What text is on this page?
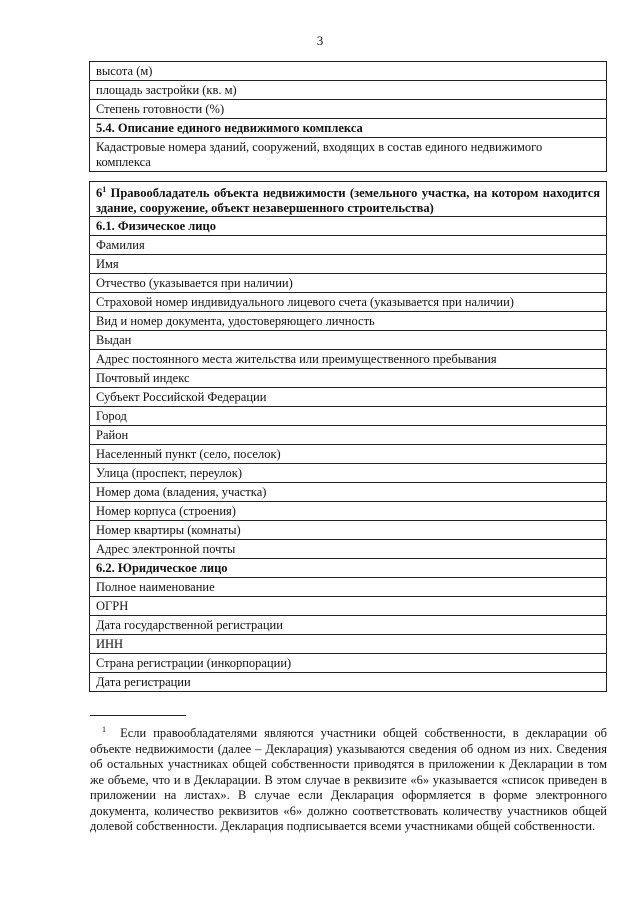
3
высота (м)
площадь застройки (кв. м)
Степень готовности (%)
5.4. Описание единого недвижимого комплекса
Кадастровые номера зданий, сооружений, входящих в состав единого недвижимого комплекса
6$^1$ Правообладатель объекта недвижимости (земельного участка, на котором находится здание, сооружение, объект незавершенного строительства)
6.1. Физическое лицо
Фамилия
Имя
Отчество (указывается при наличии)
Страховой номер индивидуального лицевого счета (указывается при наличии)
Вид и номер документа, удостоверяющего личность
Выдан
Адрес постоянного места жительства или преимущественного пребывания
Почтовый индекс
Субъект Российской Федерации
Город
Район
Населенный пункт (село, поселок)
Улица (проспект, переулок)
Номер дома (владения, участка)
Номер корпуса (строения)
Номер квартиры (комнаты)
Адрес электронной почты
6.2. Юридическое лицо
Полное наименование
ОГРН
Дата государственной регистрации
ИНН
Страна регистрации (инкорпорации)
Дата регистрации
$^1$ Если правообладателями являются участники общей собственности, в декларации об объекте недвижимости (далее – Декларация) указываются сведения об одном из них. Сведения об остальных участниках общей собственности приводятся в приложении к Декларации в том же объеме, что и в Декларации. В этом случае в реквизите «6» указывается «список приведен в приложении на листах». В случае если Декларация оформляется в форме электронного документа, количество реквизитов «6» должно соответствовать количеству участников общей долевой собственности. Декларация подписывается всеми участниками общей собственности.
